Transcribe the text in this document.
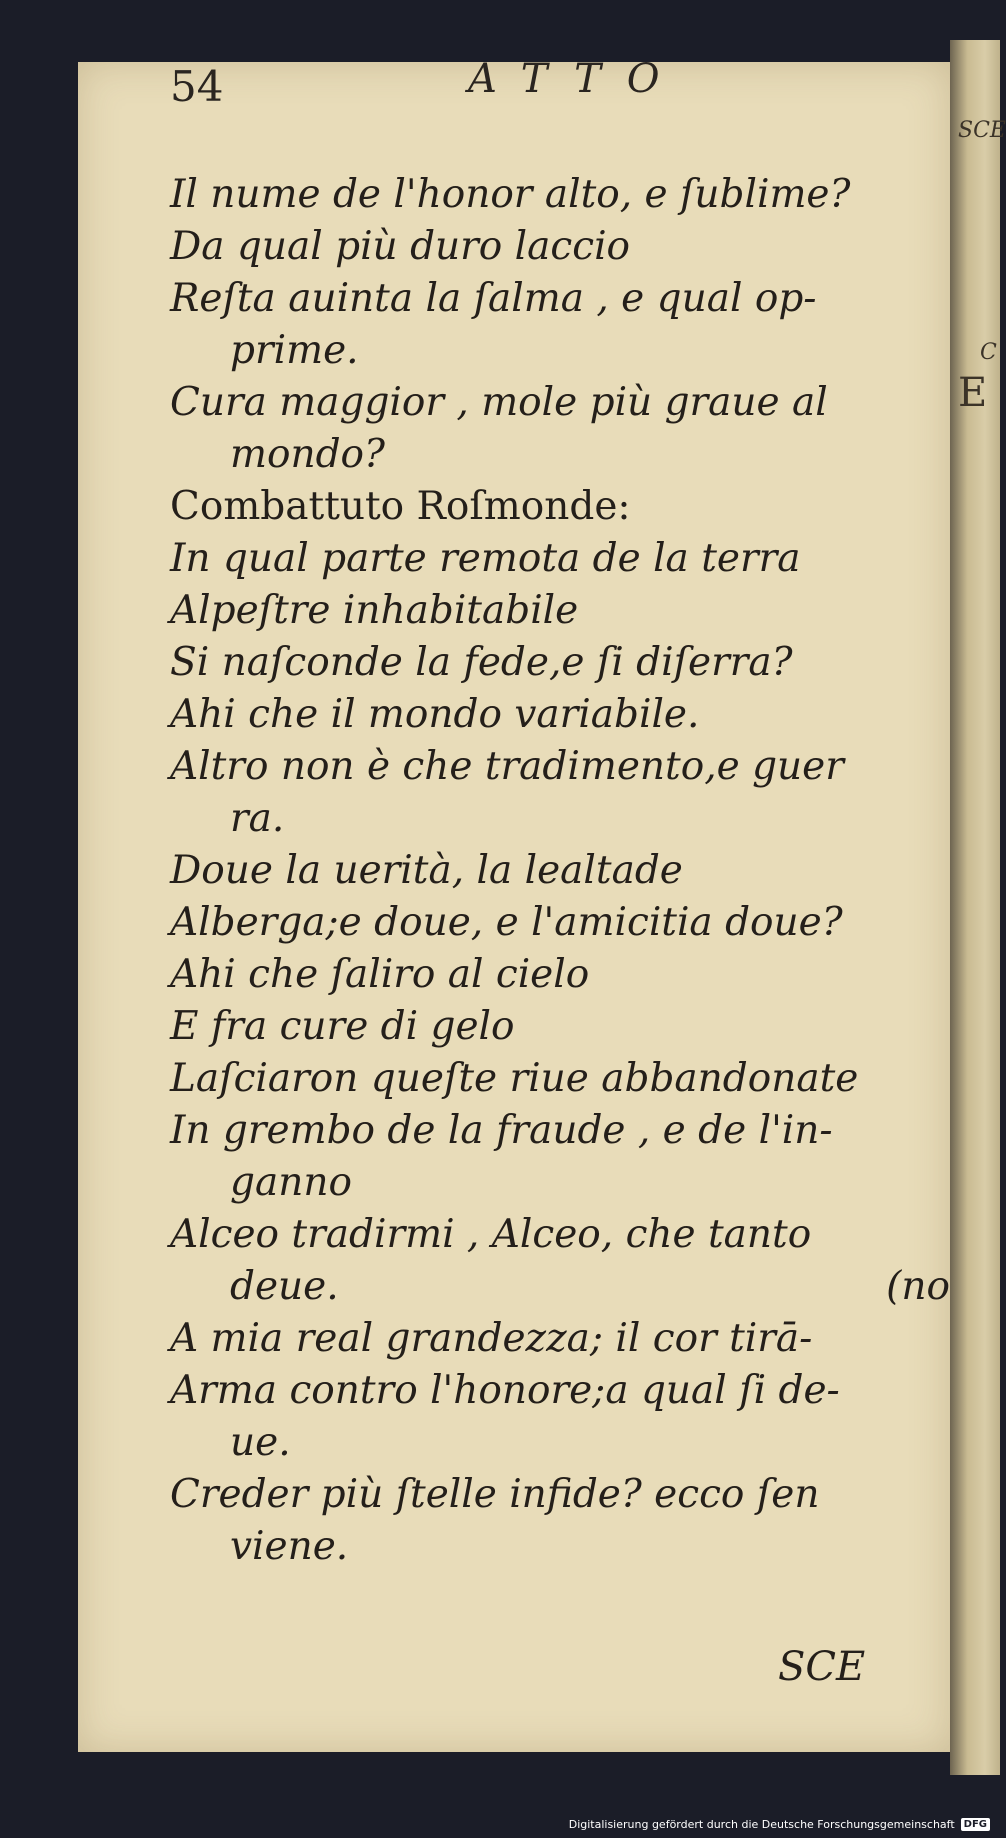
54	ATTO
Il nume de l'honor alto, e ſublime?
Da qual più duro laccio
Reſta auinta la ſalma , e qual op-
prime.
Cura maggior , mole più graue al
mondo?
Combattuto Roſmonde:
In qual parte remota de la terra
Alpeſtre inhabitabile
Si naſconde la fede,e ſi diſerra?
Ahi che il mondo variabile.
Altro non è che tradimento,e guer
ra.
Doue la uerità, la lealtade
Alberga;e doue, e l'amicitia doue?
Ahi che ſaliro al cielo
E fra cure di gelo
Laſciaron queſte riue abbandonate
In grembo de la fraude , e de l'in-
ganno
Alceo tradirmi , Alceo, che tanto
deue.	(no
A mia real grandezza; il cor tirā-
Arma contro l'honore;a qual ſi de-
ue.
Creder più ſtelle infide? ecco ſen
viene.
SCE
SCE
E
C
Digitalisierung gefördert durch die Deutsche Forschungsgemeinschaft DFG
